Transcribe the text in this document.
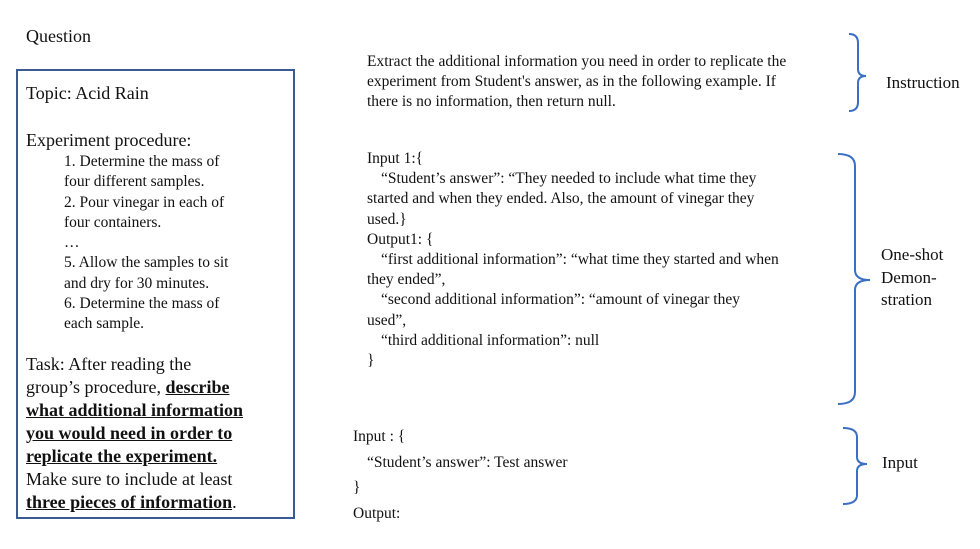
Question
Topic: Acid Rain
Experiment procedure:
1. Determine the mass of
four different samples.
2. Pour vinegar in each of
four containers.
…
5. Allow the samples to sit
and dry for 30 minutes.
6. Determine the mass of
each sample.
Task: After reading the
group’s procedure, describe
what additional information
you would need in order to
replicate the experiment.
Make sure to include at least
three pieces of information.
Extract the additional information you need in order to replicate the
experiment from Student's answer, as in the following example. If
there is no information, then return null.
Input 1:{
“Student’s answer”: “They needed to include what time they
started and when they ended. Also, the amount of vinegar they
used.}
Output1: {
“first additional information”: “what time they started and when
they ended”,
“second additional information”: “amount of vinegar they
used”,
“third additional information”: null
}
Input : {
“Student’s answer”: Test answer
}
Output:
Instruction
One-shot
Demon-
stration
Input
